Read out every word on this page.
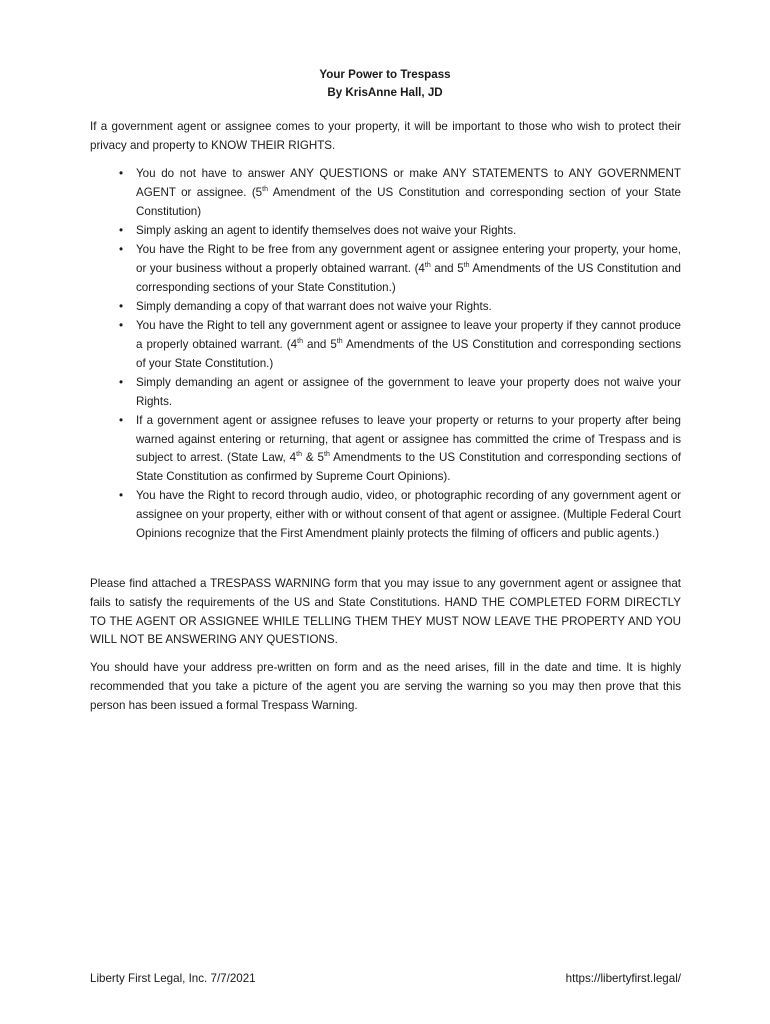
Your Power to Trespass
By KrisAnne Hall, JD

If a government agent or assignee comes to your property, it will be important to those who wish to protect their privacy and property to KNOW THEIR RIGHTS.

• You do not have to answer ANY QUESTIONS or make ANY STATEMENTS to ANY GOVERNMENT AGENT or assignee. (5th Amendment of the US Constitution and corresponding section of your State Constitution)
• Simply asking an agent to identify themselves does not waive your Rights.
• You have the Right to be free from any government agent or assignee entering your property, your home, or your business without a properly obtained warrant. (4th and 5th Amendments of the US Constitution and corresponding sections of your State Constitution.)
• Simply demanding a copy of that warrant does not waive your Rights.
• You have the Right to tell any government agent or assignee to leave your property if they cannot produce a properly obtained warrant. (4th and 5th Amendments of the US Constitution and corresponding sections of your State Constitution.)
• Simply demanding an agent or assignee of the government to leave your property does not waive your Rights.
• If a government agent or assignee refuses to leave your property or returns to your property after being warned against entering or returning, that agent or assignee has committed the crime of Trespass and is subject to arrest. (State Law, 4th & 5th Amendments to the US Constitution and corresponding sections of State Constitution as confirmed by Supreme Court Opinions).
• You have the Right to record through audio, video, or photographic recording of any government agent or assignee on your property, either with or without consent of that agent or assignee. (Multiple Federal Court Opinions recognize that the First Amendment plainly protects the filming of officers and public agents.)

Please find attached a TRESPASS WARNING form that you may issue to any government agent or assignee that fails to satisfy the requirements of the US and State Constitutions. HAND THE COMPLETED FORM DIRECTLY TO THE AGENT OR ASSIGNEE WHILE TELLING THEM THEY MUST NOW LEAVE THE PROPERTY AND YOU WILL NOT BE ANSWERING ANY QUESTIONS.

You should have your address pre-written on form and as the need arises, fill in the date and time. It is highly recommended that you take a picture of the agent you are serving the warning so you may then prove that this person has been issued a formal Trespass Warning.

Liberty First Legal, Inc. 7/7/2021	https://libertyfirst.legal/
